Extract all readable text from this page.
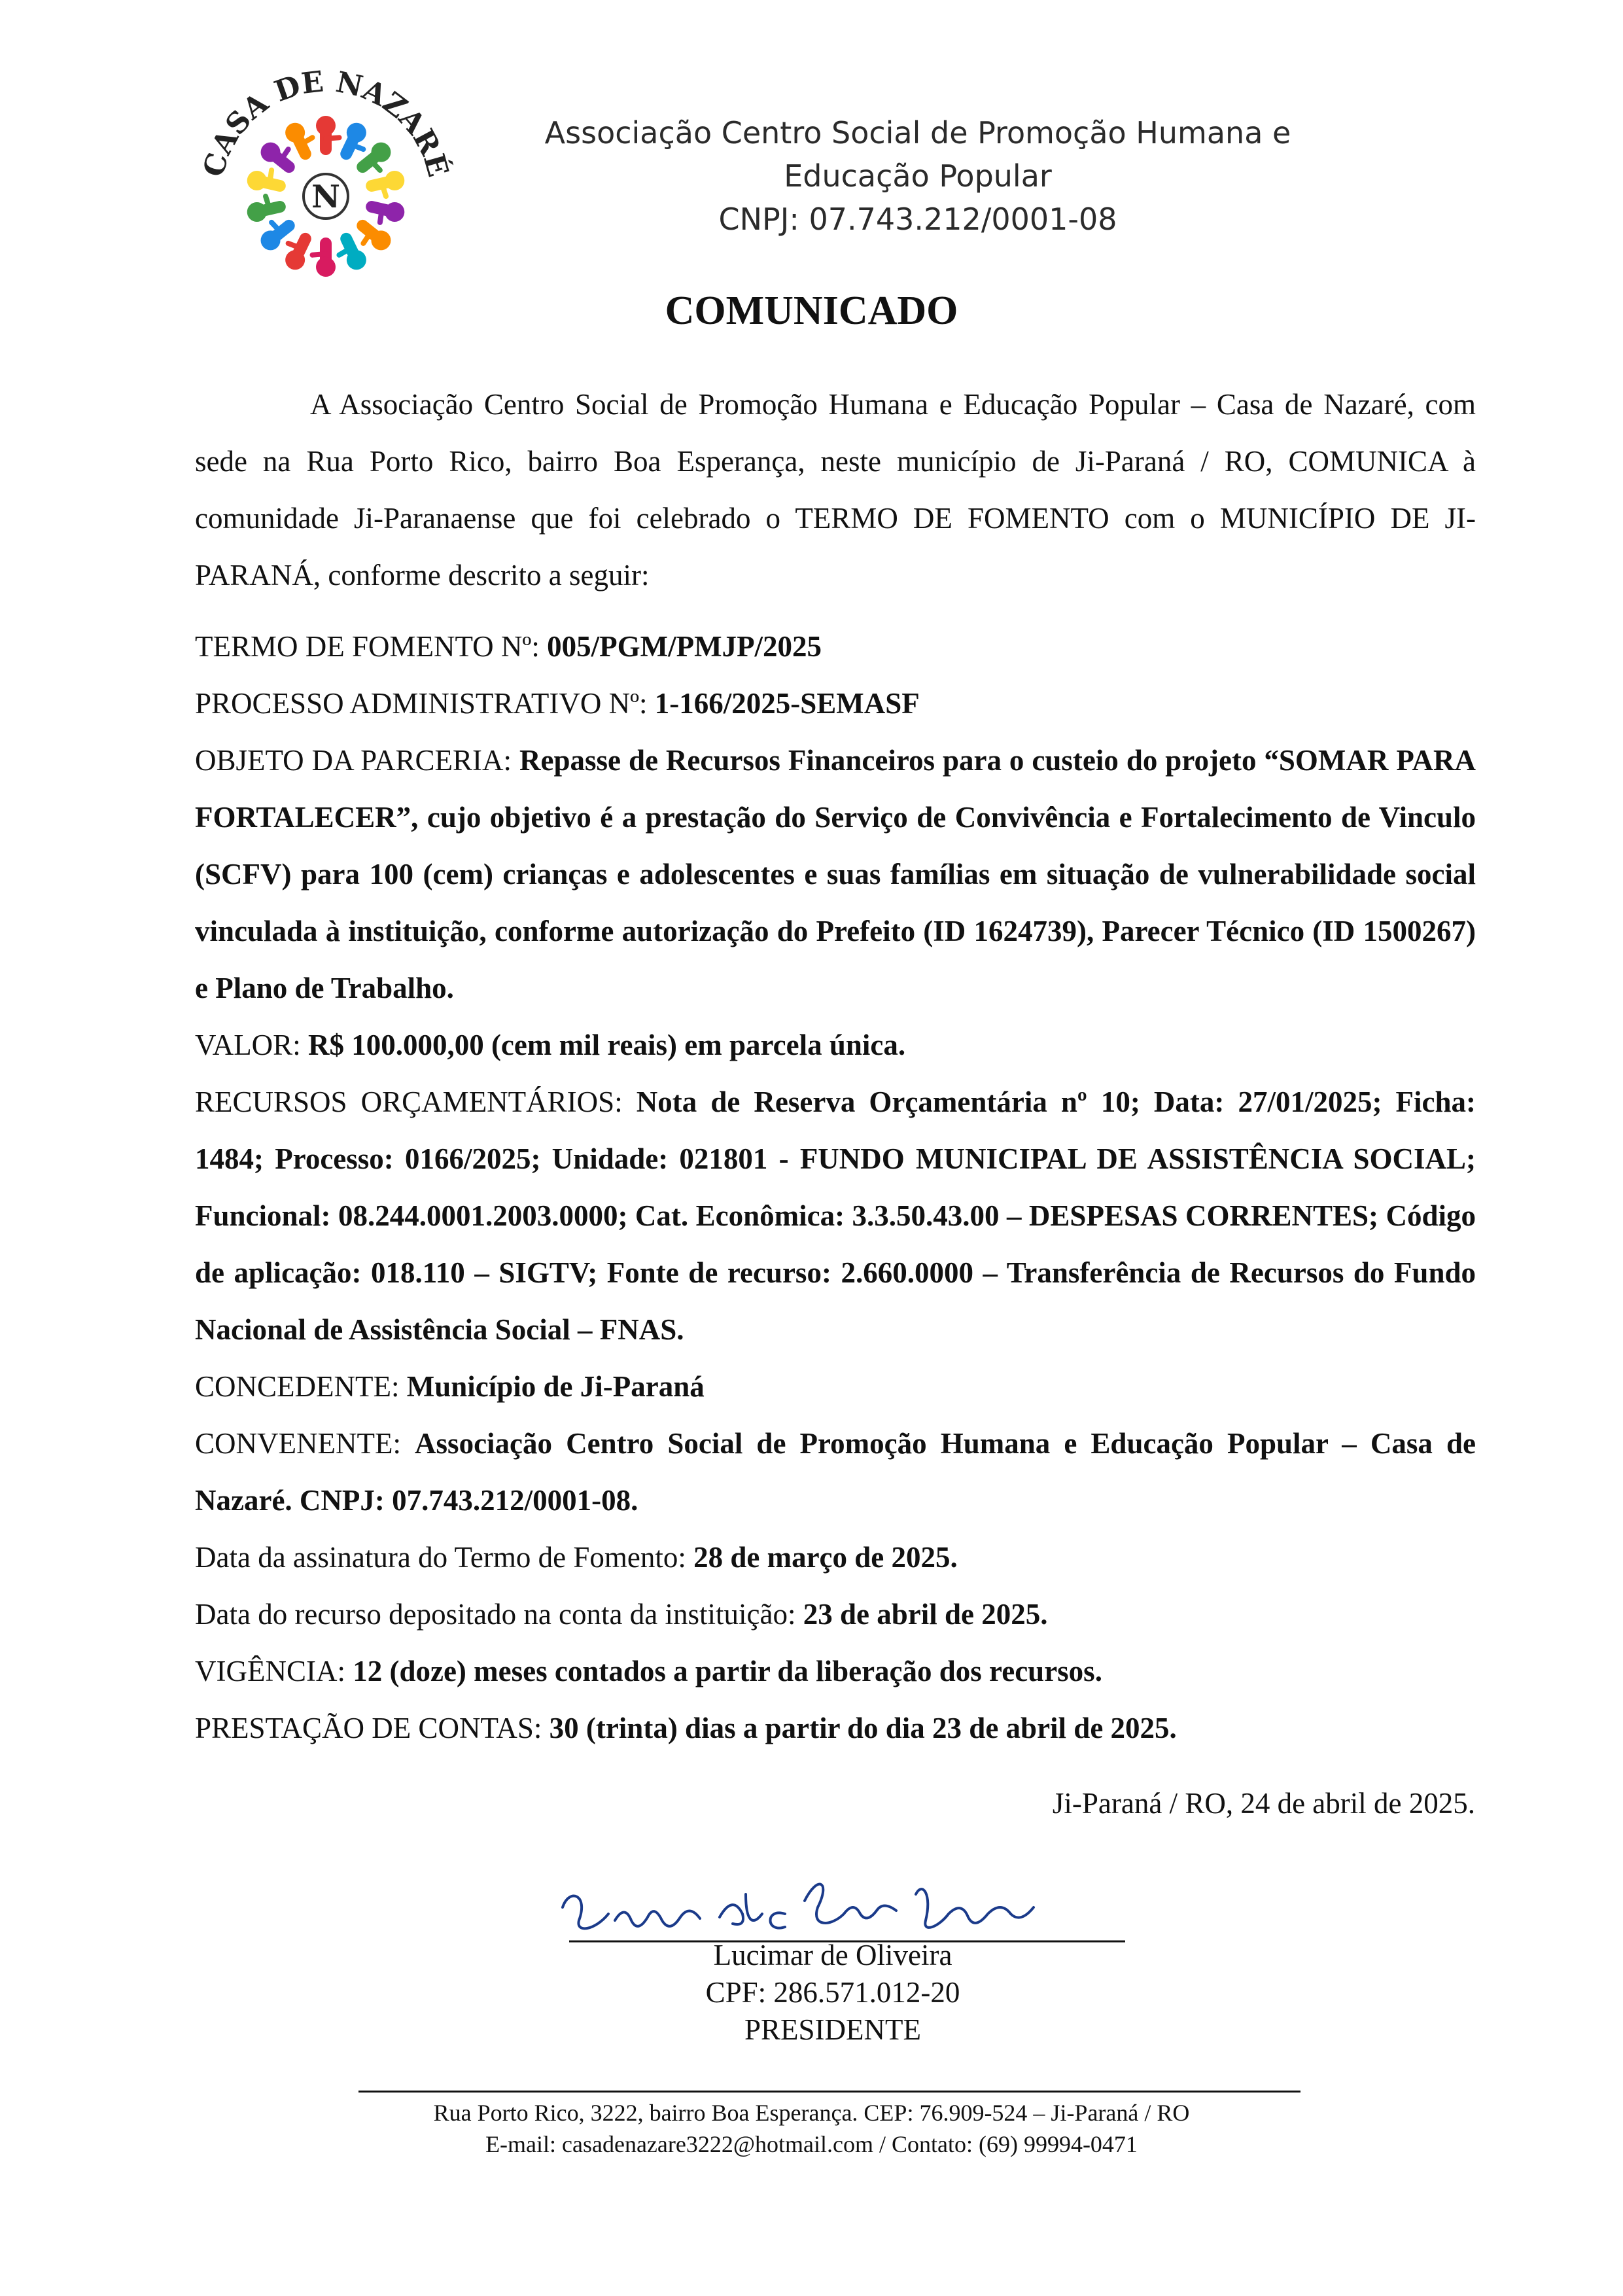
CASA DE NAZARÉ
N
Associação Centro Social de Promoção Humana e
Educação Popular
CNPJ: 07.743.212/0001-08
COMUNICADO

A Associação Centro Social de Promoção Humana e Educação Popular – Casa de Nazaré, com sede na Rua Porto Rico, bairro Boa Esperança, neste município de Ji-Paraná / RO, COMUNICA à comunidade Ji-Paranaense que foi celebrado o TERMO DE FOMENTO com o MUNICÍPIO DE JI-PARANÁ, conforme descrito a seguir:

TERMO DE FOMENTO Nº: 005/PGM/PMJP/2025

PROCESSO ADMINISTRATIVO Nº: 1-166/2025-SEMASF

OBJETO DA PARCERIA: Repasse de Recursos Financeiros para o custeio do projeto “SOMAR PARA FORTALECER”, cujo objetivo é a prestação do Serviço de Convivência e Fortalecimento de Vinculo (SCFV) para 100 (cem) crianças e adolescentes e suas famílias em situação de vulnerabilidade social vinculada à instituição, conforme autorização do Prefeito (ID 1624739), Parecer Técnico (ID 1500267) e Plano de Trabalho.

VALOR: R$ 100.000,00 (cem mil reais) em parcela única.

RECURSOS ORÇAMENTÁRIOS: Nota de Reserva Orçamentária nº 10; Data: 27/01/2025; Ficha: 1484; Processo: 0166/2025; Unidade: 021801 - FUNDO MUNICIPAL DE ASSISTÊNCIA SOCIAL; Funcional: 08.244.0001.2003.0000; Cat. Econômica: 3.3.50.43.00 – DESPESAS CORRENTES; Código de aplicação: 018.110 – SIGTV; Fonte de recurso: 2.660.0000 – Transferência de Recursos do Fundo Nacional de Assistência Social – FNAS.

CONCEDENTE: Município de Ji-Paraná

CONVENENTE: Associação Centro Social de Promoção Humana e Educação Popular – Casa de Nazaré. CNPJ: 07.743.212/0001-08.

Data da assinatura do Termo de Fomento: 28 de março de 2025.

Data do recurso depositado na conta da instituição: 23 de abril de 2025.

VIGÊNCIA: 12 (doze) meses contados a partir da liberação dos recursos.

PRESTAÇÃO DE CONTAS: 30 (trinta) dias a partir do dia 23 de abril de 2025.

Ji-Paraná / RO, 24 de abril de 2025.
Lucimar de Oliveira Souza
Lucimar de Oliveira
CPF: 286.571.012-20
PRESIDENTE
Rua Porto Rico, 3222, bairro Boa Esperança. CEP: 76.909-524 – Ji-Paraná / RO
E-mail: casadenazare3222@hotmail.com / Contato: (69) 99994-0471
